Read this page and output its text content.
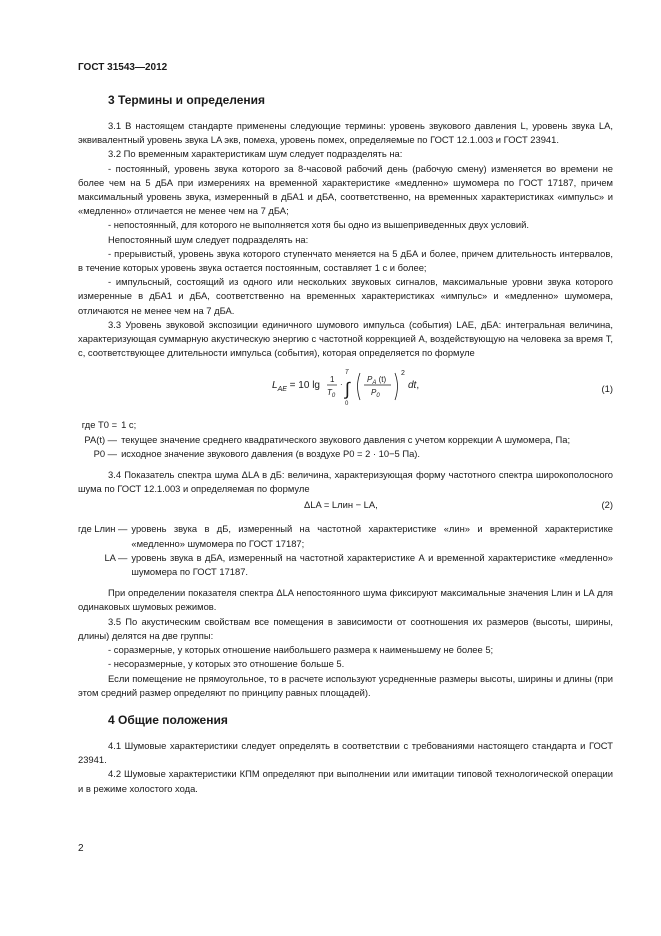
ГОСТ 31543—2012
3 Термины и определения

3.1 В настоящем стандарте применены следующие термины: уровень звукового давления L, уровень звука LA, эквивалентный уровень звука LA экв, помеха, уровень помех, определяемые по ГОСТ 12.1.003 и ГОСТ 23941.

3.2 По временным характеристикам шум следует подразделять на:

- постоянный, уровень звука которого за 8-часовой рабочий день (рабочую смену) изменяется во времени не более чем на 5 дБА при измерениях на временной характеристике «медленно» шумомера по ГОСТ 17187, причем максимальный уровень звука, измеренный в дБА1 и дБА, соответственно, на временных характеристиках «импульс» и «медленно» отличается не менее чем на 7 дБА;

- непостоянный, для которого не выполняется хотя бы одно из вышеприведенных двух условий.

Непостоянный шум следует подразделять на:

- прерывистый, уровень звука которого ступенчато меняется на 5 дБА и более, причем длительность интервалов, в течение которых уровень звука остается постоянным, составляет 1 с и более;

- импульсный, состоящий из одного или нескольких звуковых сигналов, максимальные уровни звука которого измеренные в дБА1 и дБА, соответственно на временных характеристиках «импульс» и «медленно» шумомера, отличаются не менее чем на 7 дБА.

3.3 Уровень звуковой экспозиции единичного шумового импульса (события) LAE, дБА: интегральная величина, характеризующая суммарную акустическую энергию с частотной коррекцией А, воздействующую на человека за время Т, с, соответствующее длительности импульса (события), которая определяется по формуле

$L_{AE} = 10$ lg
1
$T_0$
· ∫
T
0
$P_A$ (t)
$P_0$
2
dt,	(1)
где T0 =	1 с;
PA(t) —	текущее значение среднего квадратического звукового давления с учетом коррекции А шумомера, Па;
P0 —	исходное значение звукового давления (в воздухе P0 = 2 · 10−5 Па).

3.4 Показатель спектра шума ΔLA в дБ: величина, характеризующая форму частотного спектра широкополосного шума по ГОСТ 12.1.003 и определяемая по формуле

ΔLA = Lлин − LA,	(2)
где Lлин —	уровень звука в дБ, измеренный на частотной характеристике «лин» и временной характеристике «медленно» шумомера по ГОСТ 17187;
LA —	уровень звука в дБА, измеренный на частотной характеристике А и временной характеристике «медленно» шумомера по ГОСТ 17187.

При определении показателя спектра ΔLA непостоянного шума фиксируют максимальные значения Lлин и LA для одинаковых шумовых режимов.

3.5 По акустическим свойствам все помещения в зависимости от соотношения их размеров (высоты, ширины, длины) делятся на две группы:

- соразмерные, у которых отношение наибольшего размера к наименьшему не более 5;

- несоразмерные, у которых это отношение больше 5.

Если помещение не прямоугольное, то в расчете используют усредненные размеры высоты, ширины и длины (при этом средний размер определяют по принципу равных площадей).

4 Общие положения

4.1 Шумовые характеристики следует определять в соответствии с требованиями настоящего стандарта и ГОСТ 23941.

4.2 Шумовые характеристики КПМ определяют при выполнении или имитации типовой технологической операции и в режиме холостого хода.

2
